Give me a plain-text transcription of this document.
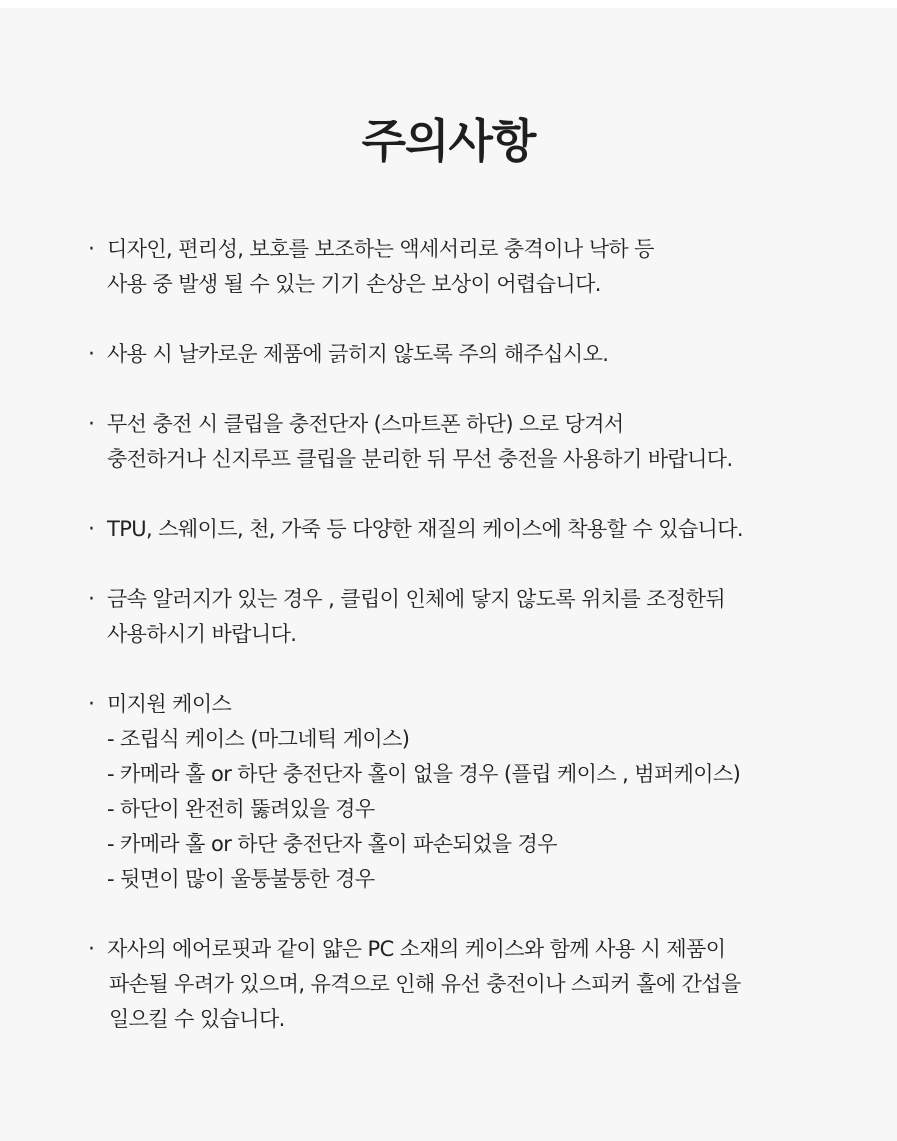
주의사항
· 디자인, 편리성, 보호를 보조하는 액세서리로 충격이나 낙하 등
사용 중 발생 될 수 있는 기기 손상은 보상이 어렵습니다.
· 사용 시 날카로운 제품에 긁히지 않도록 주의 해주십시오.
· 무선 충전 시 클립을 충전단자 (스마트폰 하단) 으로 당겨서
충전하거나 신지루프 클립을 분리한 뒤 무선 충전을 사용하기 바랍니다.
· TPU, 스웨이드, 천, 가죽 등 다양한 재질의 케이스에 착용할 수 있습니다.
· 금속 알러지가 있는 경우 , 클립이 인체에 닿지 않도록 위치를 조정한뒤
사용하시기 바랍니다.
· 미지원 케이스
- 조립식 케이스 (마그네틱 게이스)
- 카메라 홀 or 하단 충전단자 홀이 없을 경우 (플립 케이스 , 범퍼케이스)
- 하단이 완전히 뚫려있을 경우
- 카메라 홀 or 하단 충전단자 홀이 파손되었을 경우
- 뒷면이 많이 울퉁불퉁한 경우
· 자사의 에어로핏과 같이 얇은 PC 소재의 케이스와 함께 사용 시 제품이
파손될 우려가 있으며, 유격으로 인해 유선 충전이나 스피커 홀에 간섭을
일으킬 수 있습니다.
